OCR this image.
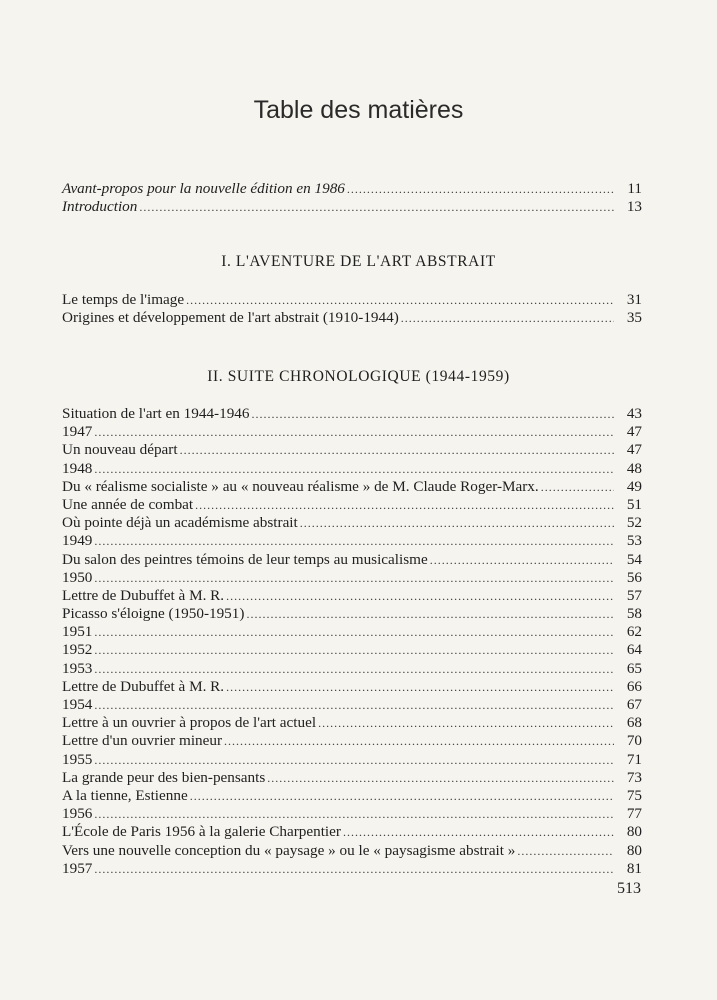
Table des matières
Avant-propos pour la nouvelle édition en 1986 .....	11
Introduction .....	13
I. L'AVENTURE DE L'ART ABSTRAIT
Le temps de l'image .....	31
Origines et développement de l'art abstrait (1910-1944) .....	35
II. SUITE CHRONOLOGIQUE (1944-1959)
Situation de l'art en 1944-1946 .....	43
1947 .....	47
Un nouveau départ .....	47
1948 .....	48
Du « réalisme socialiste » au « nouveau réalisme » de M. Claude Roger-Marx. .....	49
Une année de combat .....	51
Où pointe déjà un académisme abstrait .....	52
1949 .....	53
Du salon des peintres témoins de leur temps au musicalisme .....	54
1950 .....	56
Lettre de Dubuffet à M. R. .....	57
Picasso s'éloigne (1950-1951) .....	58
1951 .....	62
1952 .....	64
1953 .....	65
Lettre de Dubuffet à M. R. .....	66
1954 .....	67
Lettre à un ouvrier à propos de l'art actuel .....	68
Lettre d'un ouvrier mineur .....	70
1955 .....	71
La grande peur des bien-pensants .....	73
A la tienne, Estienne .....	75
1956 .....	77
L'École de Paris 1956 à la galerie Charpentier .....	80
Vers une nouvelle conception du « paysage » ou le « paysagisme abstrait » .....	80
1957 .....	81
513
